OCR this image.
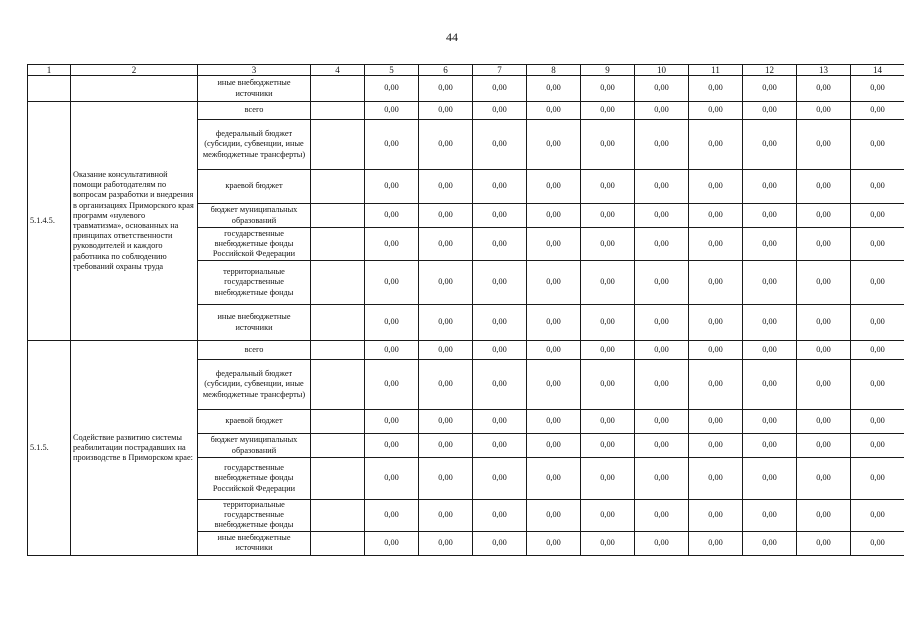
44
1	2	3	4	5	6	7	8	9	10	11	12	13	14
		иные внебюджетные источники		0,00	0,00	0,00	0,00	0,00	0,00	0,00	0,00	0,00	0,00
5.1.4.5.	Оказание консультативной помощи работодателям по вопросам разработки и внедрения в организациях Приморского края программ «нулевого травматизма», основанных на принципах ответственности руководителей и каждого работника по соблюдению требований охраны труда	всего		0,00	0,00	0,00	0,00	0,00	0,00	0,00	0,00	0,00	0,00
		федеральный бюджет (субсидии, субвенции, иные межбюджетные трансферты)		0,00	0,00	0,00	0,00	0,00	0,00	0,00	0,00	0,00	0,00
		краевой бюджет		0,00	0,00	0,00	0,00	0,00	0,00	0,00	0,00	0,00	0,00
		бюджет муниципальных образований		0,00	0,00	0,00	0,00	0,00	0,00	0,00	0,00	0,00	0,00
		государственные внебюджетные фонды Российской Федерации		0,00	0,00	0,00	0,00	0,00	0,00	0,00	0,00	0,00	0,00
		территориальные государственные внебюджетные фонды		0,00	0,00	0,00	0,00	0,00	0,00	0,00	0,00	0,00	0,00
		иные внебюджетные источники		0,00	0,00	0,00	0,00	0,00	0,00	0,00	0,00	0,00	0,00
5.1.5.	Содействие развитию системы реабилитации пострадавших на производстве в Приморском крае:	всего		0,00	0,00	0,00	0,00	0,00	0,00	0,00	0,00	0,00	0,00
		федеральный бюджет (субсидии, субвенции, иные межбюджетные трансферты)		0,00	0,00	0,00	0,00	0,00	0,00	0,00	0,00	0,00	0,00
		краевой бюджет		0,00	0,00	0,00	0,00	0,00	0,00	0,00	0,00	0,00	0,00
		бюджет муниципальных образований		0,00	0,00	0,00	0,00	0,00	0,00	0,00	0,00	0,00	0,00
		государственные внебюджетные фонды Российской Федерации		0,00	0,00	0,00	0,00	0,00	0,00	0,00	0,00	0,00	0,00
		территориальные государственные внебюджетные фонды		0,00	0,00	0,00	0,00	0,00	0,00	0,00	0,00	0,00	0,00
		иные внебюджетные источники		0,00	0,00	0,00	0,00	0,00	0,00	0,00	0,00	0,00	0,00
